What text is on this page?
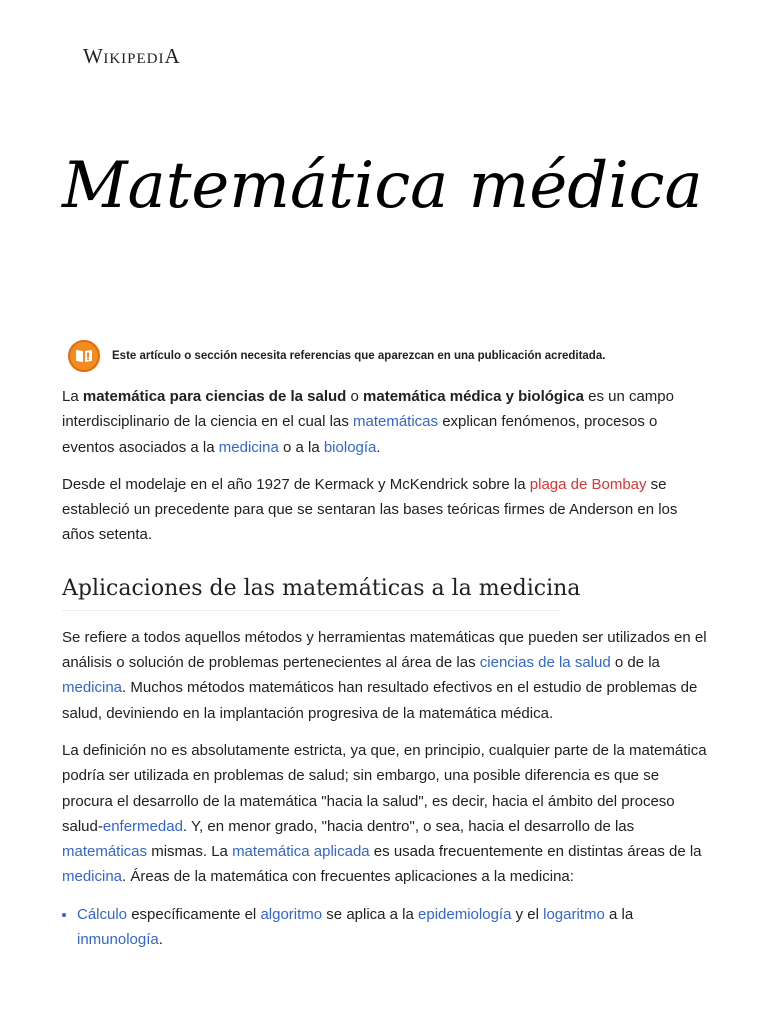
WIKIPEDIA
Matemática médica
Este artículo o sección necesita referencias que aparezcan en una publicación acreditada.

La matemática para ciencias de la salud o matemática médica y biológica es un campo interdisciplinario de la ciencia en el cual las matemáticas explican fenómenos, procesos o eventos asociados a la medicina o a la biología.

Desde el modelaje en el año 1927 de Kermack y McKendrick sobre la plaga de Bombay se estableció un precedente para que se sentaran las bases teóricas firmes de Anderson en los años setenta.

Aplicaciones de las matemáticas a la medicina

Se refiere a todos aquellos métodos y herramientas matemáticas que pueden ser utilizados en el análisis o solución de problemas pertenecientes al área de las ciencias de la salud o de la medicina. Muchos métodos matemáticos han resultado efectivos en el estudio de problemas de salud, deviniendo en la implantación progresiva de la matemática médica.

La definición no es absolutamente estricta, ya que, en principio, cualquier parte de la matemática podría ser utilizada en problemas de salud; sin embargo, una posible diferencia es que se procura el desarrollo de la matemática "hacia la salud", es decir, hacia el ámbito del proceso salud-enfermedad. Y, en menor grado, "hacia dentro", o sea, hacia el desarrollo de las matemáticas mismas. La matemática aplicada es usada frecuentemente en distintas áreas de la medicina. Áreas de la matemática con frecuentes aplicaciones a la medicina:

• Cálculo específicamente el algoritmo se aplica a la epidemiología y el logaritmo a la inmunología.
